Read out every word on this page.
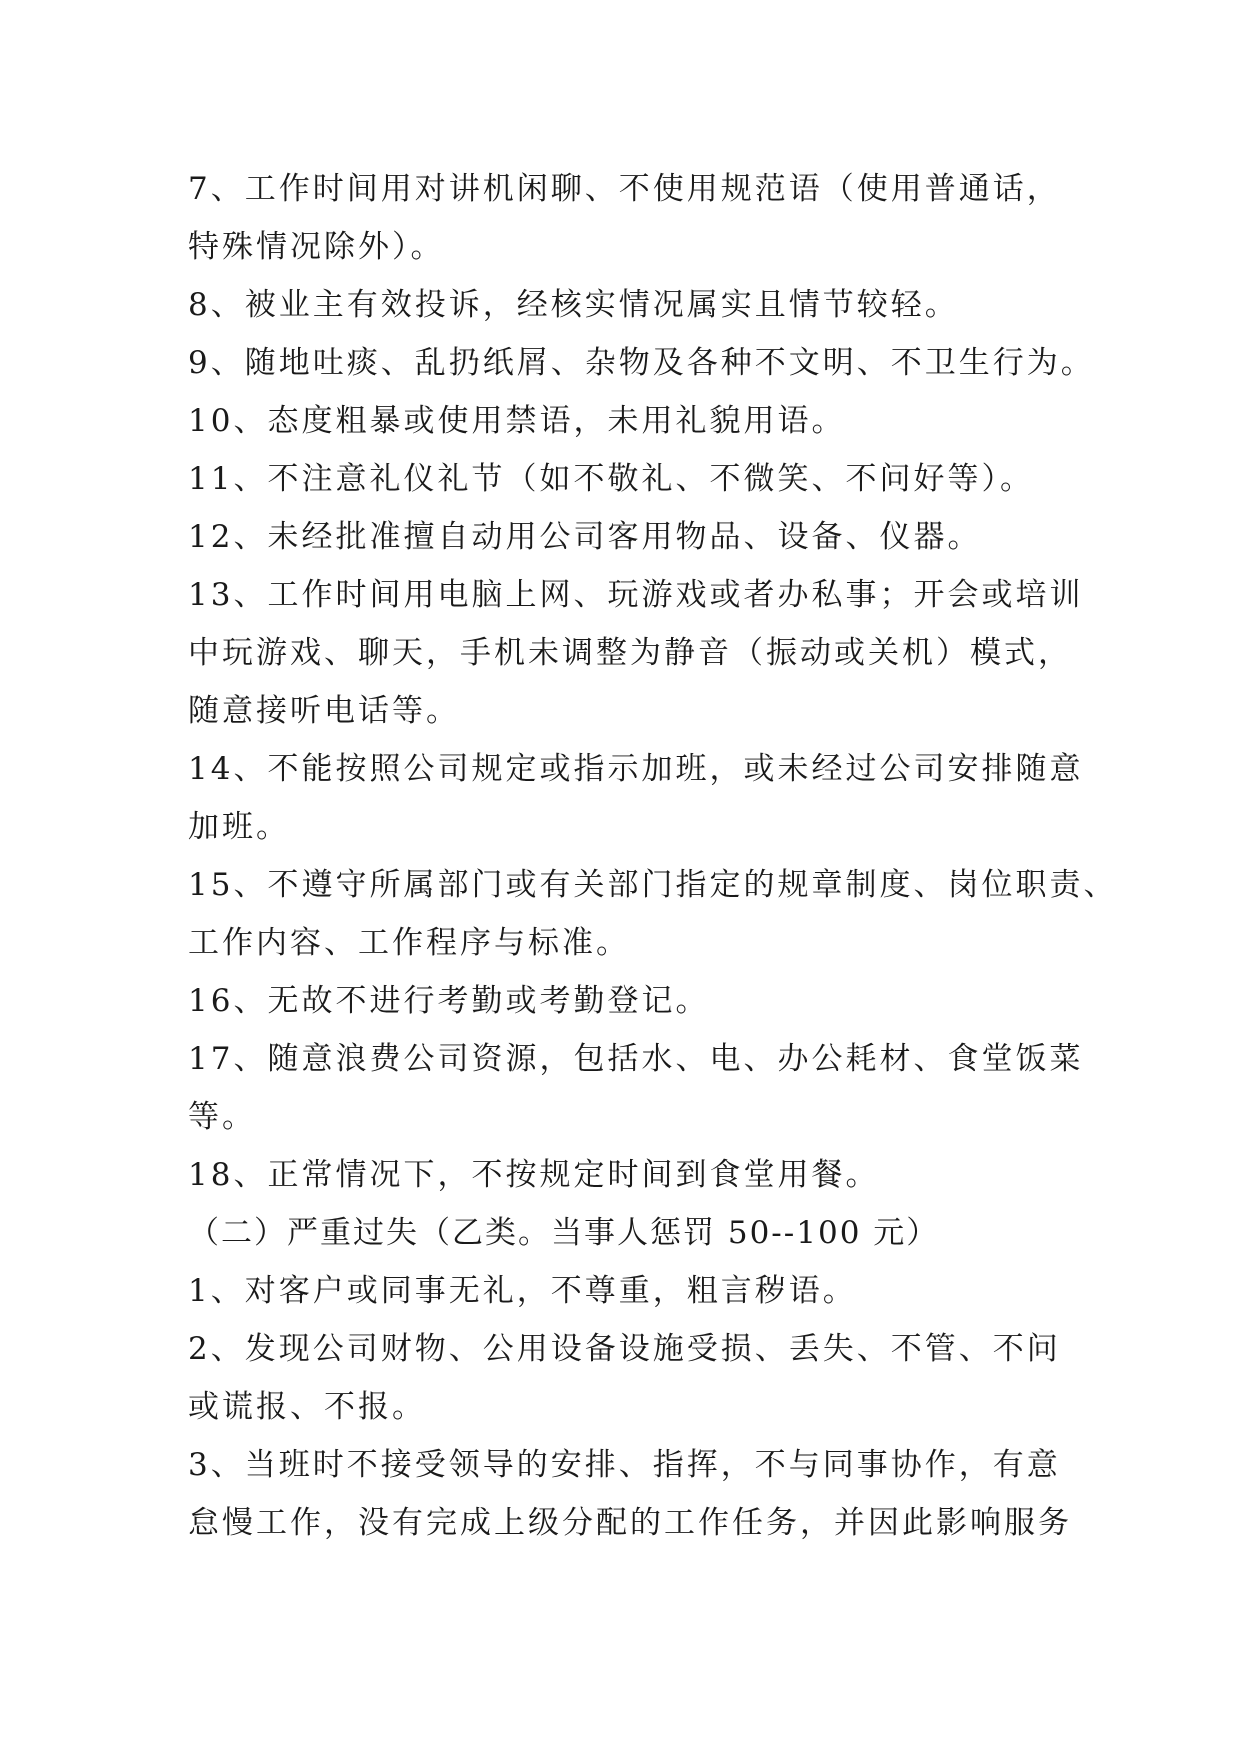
7、工作时间用对讲机闲聊、不使用规范语（使用普通话，
特殊情况除外）。
8、被业主有效投诉，经核实情况属实且情节较轻。
9、随地吐痰、乱扔纸屑、杂物及各种不文明、不卫生行为。
10、态度粗暴或使用禁语，未用礼貌用语。
11、不注意礼仪礼节（如不敬礼、不微笑、不问好等）。
12、未经批准擅自动用公司客用物品、设备、仪器。
13、工作时间用电脑上网、玩游戏或者办私事；开会或培训
中玩游戏、聊天，手机未调整为静音（振动或关机）模式，
随意接听电话等。
14、不能按照公司规定或指示加班，或未经过公司安排随意
加班。
15、不遵守所属部门或有关部门指定的规章制度、岗位职责、
工作内容、工作程序与标准。
16、无故不进行考勤或考勤登记。
17、随意浪费公司资源，包括水、电、办公耗材、食堂饭菜
等。
18、正常情况下，不按规定时间到食堂用餐。
（二）严重过失（乙类。当事人惩罚 50--100 元）
1、对客户或同事无礼，不尊重，粗言秽语。
2、发现公司财物、公用设备设施受损、丢失、不管、不问
或谎报、不报。
3、当班时不接受领导的安排、指挥，不与同事协作，有意
怠慢工作，没有完成上级分配的工作任务，并因此影响服务
